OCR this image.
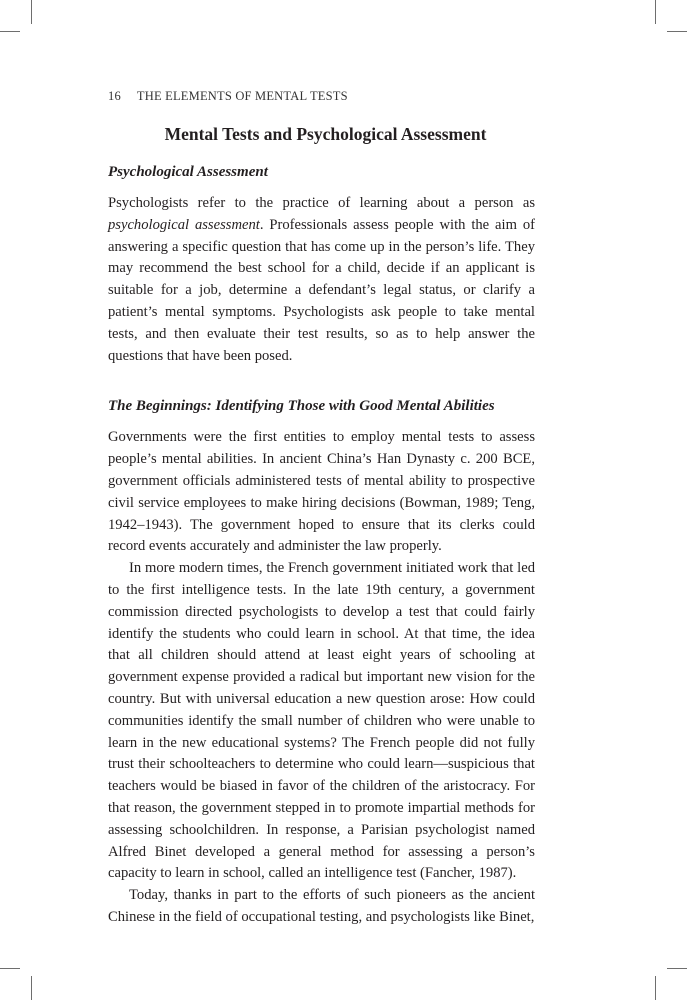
16 THE ELEMENTS OF MENTAL TESTS
Mental Tests and Psychological Assessment
Psychological Assessment

Psychologists refer to the practice of learning about a person as psychological assessment. Professionals assess people with the aim of answering a specific question that has come up in the person’s life. They may recommend the best school for a child, decide if an applicant is suitable for a job, determine a defendant’s legal status, or clarify a patient’s mental symptoms. Psychologists ask people to take mental tests, and then evaluate their test results, so as to help answer the questions that have been posed.

The Beginnings: Identifying Those with Good Mental Abilities

Governments were the first entities to employ mental tests to assess people’s mental abilities. In ancient China’s Han Dynasty c. 200 BCE, government officials administered tests of mental ability to prospective civil service employees to make hiring decisions (Bowman, 1989; Teng, 1942–1943). The government hoped to ensure that its clerks could record events accurately and administer the law properly.

In more modern times, the French government initiated work that led to the first intelligence tests. In the late 19th century, a government commission directed psychologists to develop a test that could fairly identify the students who could learn in school. At that time, the idea that all children should attend at least eight years of schooling at government expense provided a radical but important new vision for the country. But with universal education a new question arose: How could communities identify the small number of children who were unable to learn in the new educational systems? The French people did not fully trust their schoolteachers to determine who could learn—suspicious that teachers would be biased in favor of the children of the aristocracy. For that reason, the government stepped in to promote impartial methods for assessing schoolchildren. In response, a Parisian psychologist named Alfred Binet developed a general method for assessing a person’s capacity to learn in school, called an intelligence test (Fancher, 1987).

Today, thanks in part to the efforts of such pioneers as the ancient Chinese in the field of occupational testing, and psychologists like Binet,
